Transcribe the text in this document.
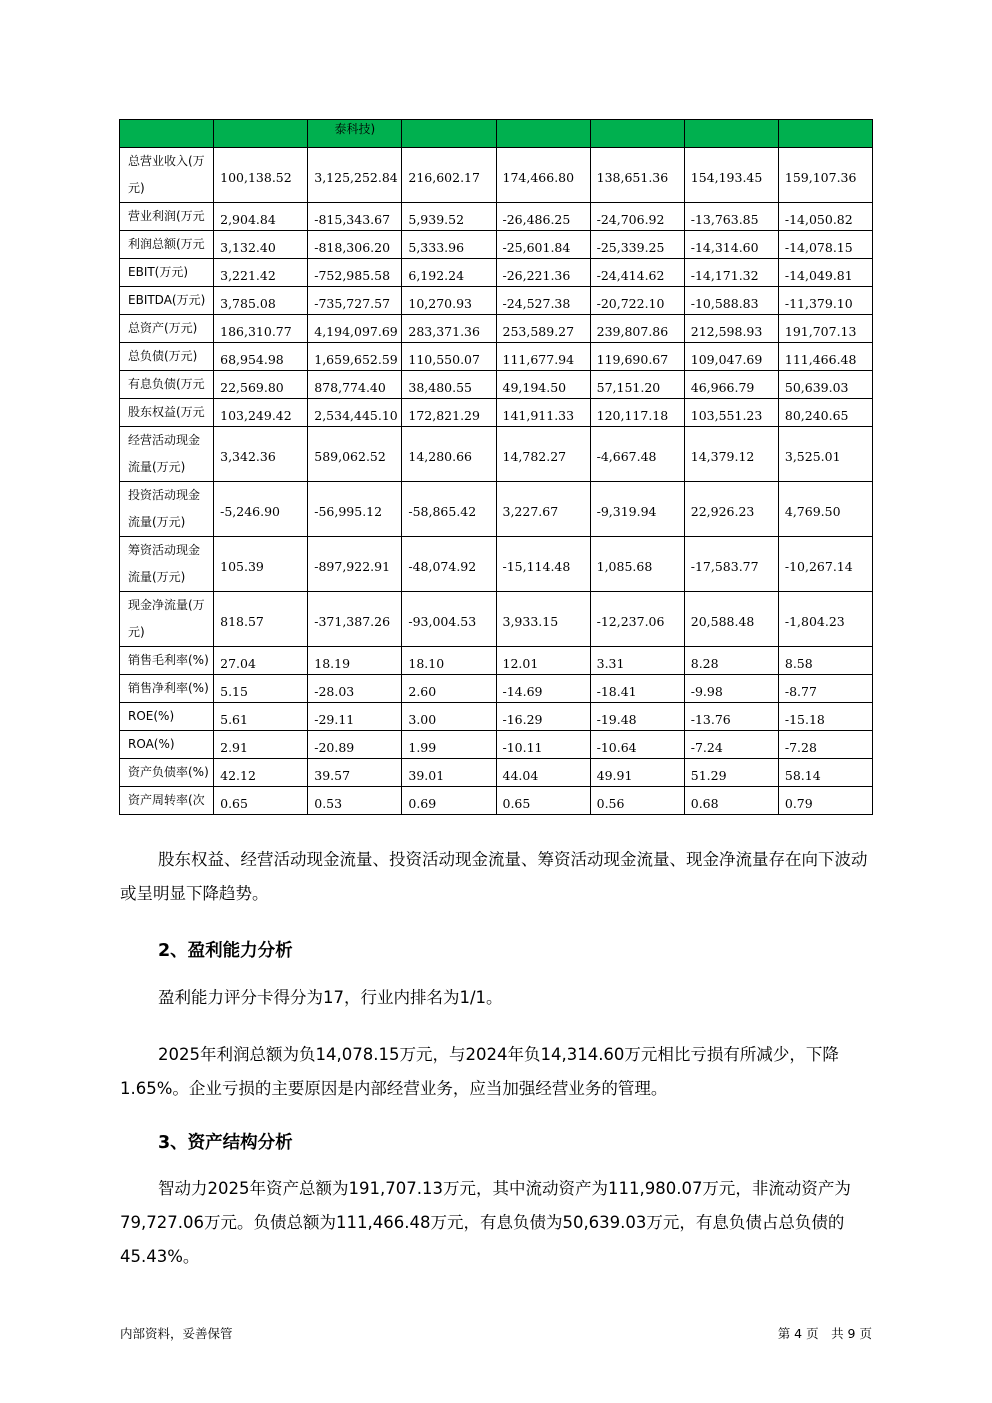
		泰科技)					
总营业收入(万元)	100,138.52	3,125,252.84	216,602.17	174,466.80	138,651.36	154,193.45	159,107.36
营业利润(万元	2,904.84	-815,343.67	5,939.52	-26,486.25	-24,706.92	-13,763.85	-14,050.82
利润总额(万元	3,132.40	-818,306.20	5,333.96	-25,601.84	-25,339.25	-14,314.60	-14,078.15
EBIT(万元)	3,221.42	-752,985.58	6,192.24	-26,221.36	-24,414.62	-14,171.32	-14,049.81
EBITDA(万元)	3,785.08	-735,727.57	10,270.93	-24,527.38	-20,722.10	-10,588.83	-11,379.10
总资产(万元)	186,310.77	4,194,097.69	283,371.36	253,589.27	239,807.86	212,598.93	191,707.13
总负债(万元)	68,954.98	1,659,652.59	110,550.07	111,677.94	119,690.67	109,047.69	111,466.48
有息负债(万元	22,569.80	878,774.40	38,480.55	49,194.50	57,151.20	46,966.79	50,639.03
股东权益(万元	103,249.42	2,534,445.10	172,821.29	141,911.33	120,117.18	103,551.23	80,240.65
经营活动现金流量(万元)	3,342.36	589,062.52	14,280.66	14,782.27	-4,667.48	14,379.12	3,525.01
投资活动现金流量(万元)	-5,246.90	-56,995.12	-58,865.42	3,227.67	-9,319.94	22,926.23	4,769.50
筹资活动现金流量(万元)	105.39	-897,922.91	-48,074.92	-15,114.48	1,085.68	-17,583.77	-10,267.14
现金净流量(万元)	818.57	-371,387.26	-93,004.53	3,933.15	-12,237.06	20,588.48	-1,804.23
销售毛利率(%)	27.04	18.19	18.10	12.01	3.31	8.28	8.58
销售净利率(%)	5.15	-28.03	2.60	-14.69	-18.41	-9.98	-8.77
ROE(%)	5.61	-29.11	3.00	-16.29	-19.48	-13.76	-15.18
ROA(%)	2.91	-20.89	1.99	-10.11	-10.64	-7.24	-7.28
资产负债率(%)	42.12	39.57	39.01	44.04	49.91	51.29	58.14
资产周转率(次	0.65	0.53	0.69	0.65	0.56	0.68	0.79
股东权益、经营活动现金流量、投资活动现金流量、筹资活动现金流量、现金净流量存在向下波动或呈明显下降趋势。
2、盈利能力分析
盈利能力评分卡得分为17，行业内排名为1/1。
2025年利润总额为负14,078.15万元，与2024年负14,314.60万元相比亏损有所减少，下降1.65%。企业亏损的主要原因是内部经营业务，应当加强经营业务的管理。
3、资产结构分析
智动力2025年资产总额为191,707.13万元，其中流动资产为111,980.07万元，非流动资产为79,727.06万元。负债总额为111,466.48万元，有息负债为50,639.03万元，有息负债占总负债的45.43%。
内部资料，妥善保管	第 4 页　共 9 页
